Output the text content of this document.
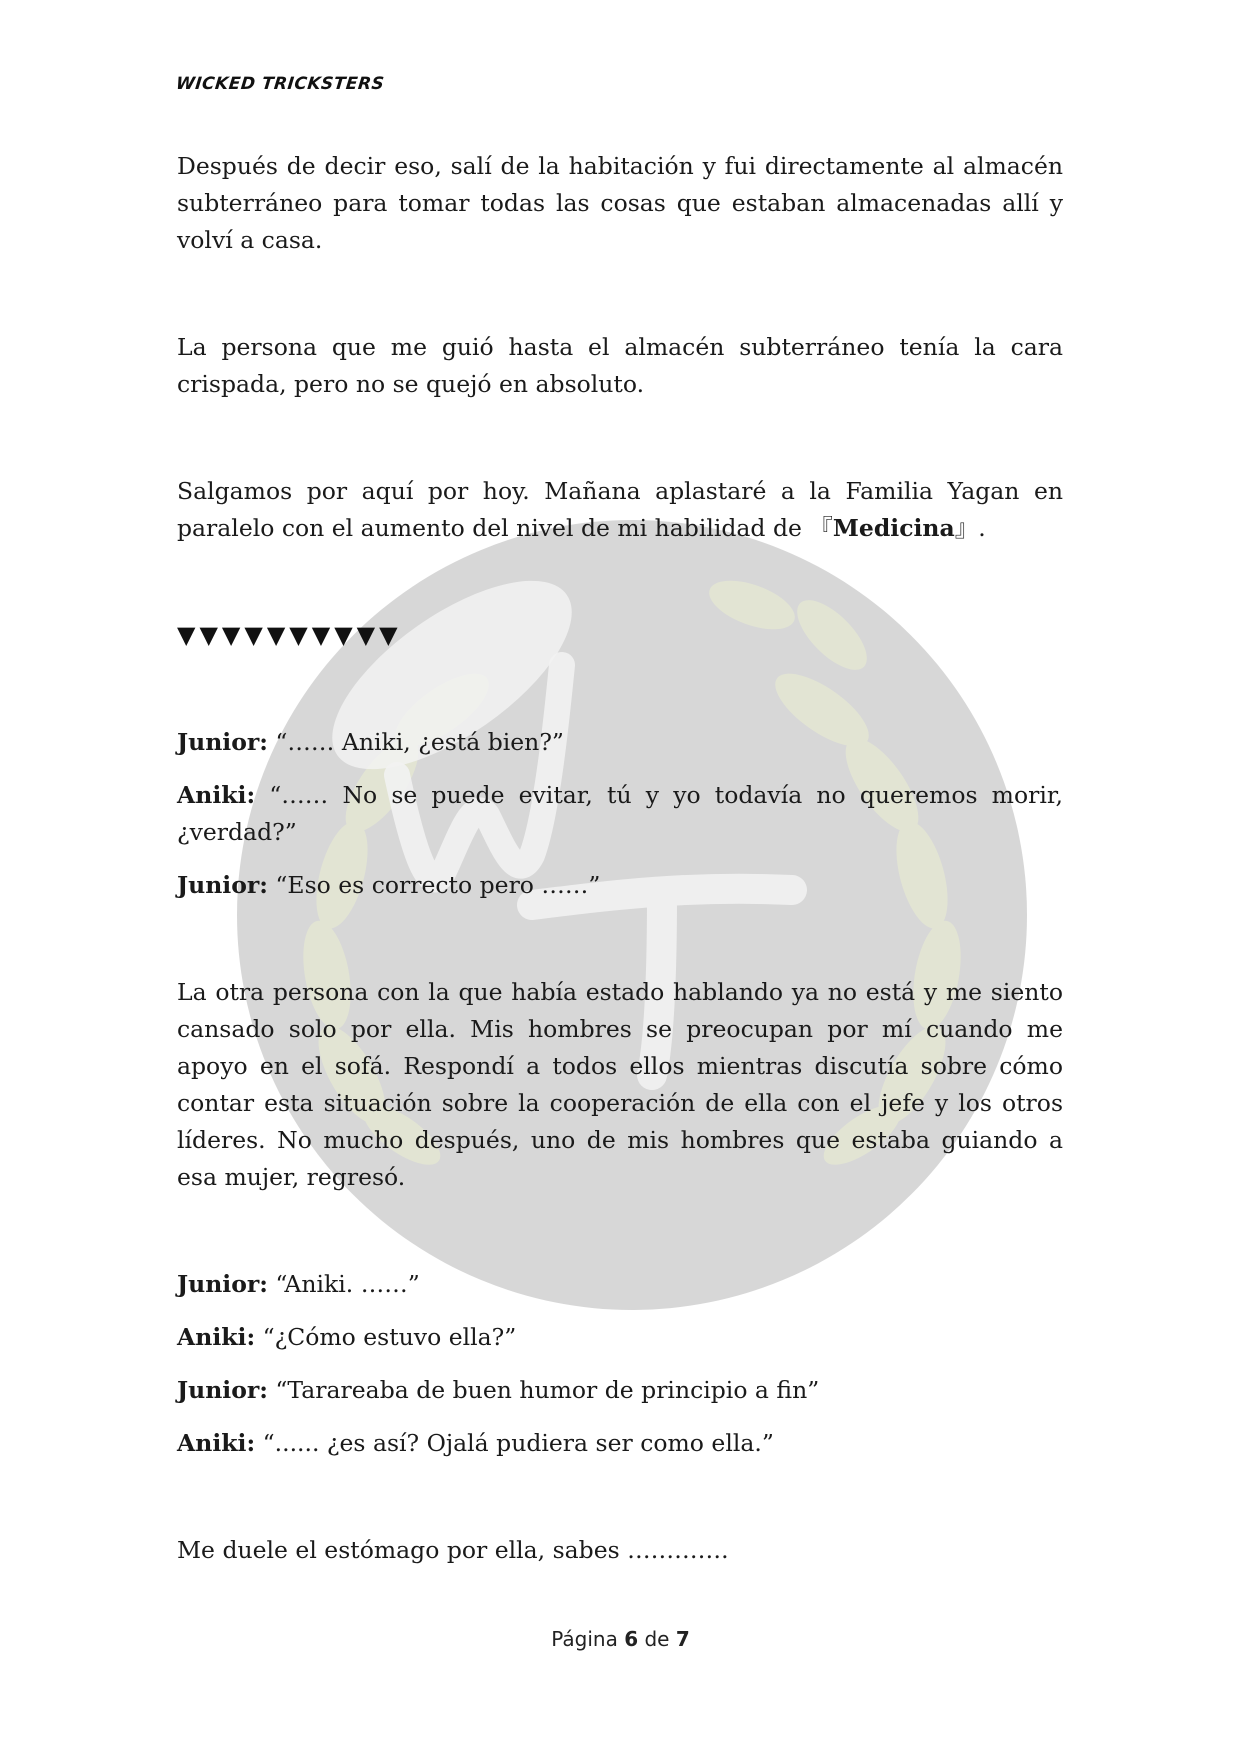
WICKED TRICKSTERS

Después de decir eso, salí de la habitación y fui directamente al almacén subterráneo para tomar todas las cosas que estaban almacenadas allí y volví a casa.

La persona que me guió hasta el almacén subterráneo tenía la cara crispada, pero no se quejó en absoluto.

Salgamos por aquí por hoy. Mañana aplastaré a la Familia Yagan en paralelo con el aumento del nivel de mi habilidad de 『Medicina』.

▼▼▼▼▼▼▼▼▼▼

Junior: “…… Aniki, ¿está bien?”

Aniki: “…… No se puede evitar, tú y yo todavía no queremos morir, ¿verdad?”

Junior: “Eso es correcto pero ……”

La otra persona con la que había estado hablando ya no está y me siento cansado solo por ella. Mis hombres se preocupan por mí cuando me apoyo en el sofá. Respondí a todos ellos mientras discutía sobre cómo contar esta situación sobre la cooperación de ella con el jefe y los otros líderes. No mucho después, uno de mis hombres que estaba guiando a esa mujer, regresó.

Junior: “Aniki. ……”

Aniki: “¿Cómo estuvo ella?”

Junior: “Tarareaba de buen humor de principio a fin”

Aniki: “...... ¿es así? Ojalá pudiera ser como ella.”

Me duele el estómago por ella, sabes ………….

Página 6 de 7
